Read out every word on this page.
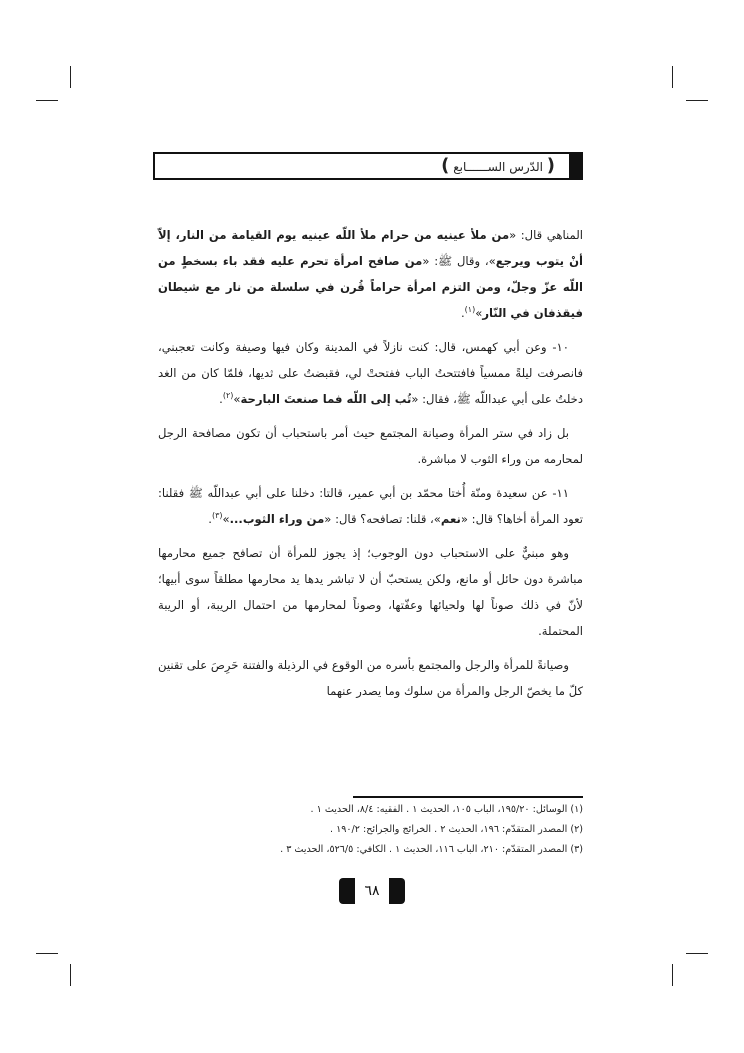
( الدّرس الســــــابع )

المناهي قال: «من ملأ عينيه من حرام ملأ اللّه عينيه يوم القيامة من النار، إلاّ أنْ يتوب ويرجع»، وقال ﷺ: «من صافح امرأة تحرم عليه فقد باء بسخطٍ من اللّه عزّ وجلّ، ومن التزم امرأة حراماً قُرن في سلسلة من نار مع شيطان فيقذفان في النّار»$^{(١)}$.

١٠- وعن أبي كهمس، قال: كنت نازلاً في المدينة وكان فيها وصيفة وكانت تعجبني، فانصرفت ليلةً ممسياً فافتتحتُ الباب ففتحتْ لي، فقبضتُ على ثديها، فلمّا كان من الغد دخلتُ على أبي عبداللّه ﷺ، فقال: «تُب إلى اللّه فما صنعتَ البارحة»$^{(٢)}$.

بل زاد في ستر المرأة وصيانة المجتمع حيث أمر باستحباب أن تكون مصافحة الرجل لمحارمه من وراء الثوب لا مباشرة.

١١- عن سعيدة ومنّة أُختا محمّد بن أبي عمير، قالتا: دخلنا على أبي عبداللّه ﷺ فقلنا: تعود المرأة أخاها؟ قال: «نعم»، قلنا: تصافحه؟ قال: «من وراء الثوب...»$^{(٣)}$.

وهو مبنيٌّ على الاستحباب دون الوجوب؛ إذ يجوز للمرأة أن تصافح جميع محارمها مباشرة دون حائل أو مانع، ولكن يستحبّ أن لا تباشر يدها يد محارمها مطلقاً سوى أبيها؛ لأنّ في ذلك صوناً لها ولحيائها وعفّتها، وصوناً لمحارمها من احتمال الريبة، أو الريبة المحتملة.

وصيانةً للمرأة والرجل والمجتمع بأسره من الوقوع في الرذيلة والفتنة حَرِصَ على تقنين كلّ ما يخصّ الرجل والمرأة من سلوك وما يصدر عنهما

(١) الوسائل: ١٩٥/٢٠، الباب ١٠٥، الحديث ١ . الفقيه: ٨/٤، الحديث ١ .
(٢) المصدر المتقدّم: ١٩٦، الحديث ٢ . الخرائج والجرائح: ١٩٠/٢ .
(٣) المصدر المتقدّم: ٢١٠، الباب ١١٦، الحديث ١ . الكافي: ٥٢٦/٥، الحديث ٣ .
٦٨
